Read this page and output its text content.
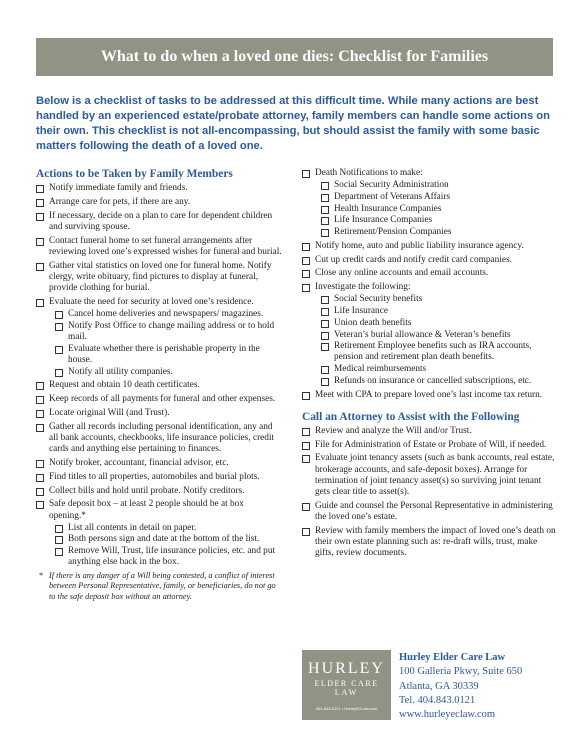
What to do when a loved one dies: Checklist for Families
Below is a checklist of tasks to be addressed at this difficult time. While many actions are best handled by an experienced estate/probate attorney, family members can handle some actions on their own. This checklist is not all-encompassing, but should assist the family with some basic matters following the death of a loved one.
Actions to be Taken by Family Members
Notify immediate family and friends.
Arrange care for pets, if there are any.
If necessary, decide on a plan to care for dependent children and surviving spouse.
Contact funeral home to set funeral arrangements after reviewing loved one’s expressed wishes for funeral and burial.
Gather vital statistics on loved one for funeral home. Notify clergy, write obituary, find pictures to display at funeral, provide clothing for burial.
Evaluate the need for security at loved one’s residence.
Cancel home deliveries and newspapers/ magazines.
Notify Post Office to change mailing address or to hold mail.
Evaluate whether there is perishable property in the house.
Notify all utility companies.
Request and obtain 10 death certificates.
Keep records of all payments for funeral and other expenses.
Locate original Will (and Trust).
Gather all records including personal identification, any and all bank accounts, checkbooks, life insurance policies, credit cards and anything else pertaining to finances.
Notify broker, accountant, financial advisor, etc.
Find titles to all properties, automobiles and burial plots.
Collect bills and hold until probate. Notify creditors.
Safe deposit box – at least 2 people should be at box opening.*
List all contents in detail on paper.
Both persons sign and date at the bottom of the list.
Remove Will, Trust, life insurance policies, etc. and put anything else back in the box.
* If there is any danger of a Will being contested, a conflict of interest between Personal Representative, family, or beneficiaries, do not go to the safe deposit box without an attorney.
Death Notifications to make:
Social Security Administration
Department of Veterans Affairs
Health Insurance Companies
Life Insurance Companies
Retirement/Pension Companies
Notify home, auto and public liability insurance agency.
Cut up credit cards and notify credit card companies.
Close any online accounts and email accounts.
Investigate the following:
Social Security benefits
Life Insurance
Union death benefits
Veteran’s burial allowance & Veteran’s benefits
Retirement Employee benefits such as IRA accounts, pension and retirement plan death benefits.
Medical reimbursements
Refunds on insurance or cancelled subscriptions, etc.
Meet with CPA to prepare loved one’s last income tax return.
Call an Attorney to Assist with the Following
Review and analyze the Will and/or Trust.
File for Administration of Estate or Probate of Will, if needed.
Evaluate joint tenancy assets (such as bank accounts, real estate, brokerage accounts, and safe-deposit boxes). Arrange for termination of joint tenancy asset(s) so surviving joint tenant gets clear title to asset(s).
Guide and counsel the Personal Representative in administering the loved one’s estate.
Review with family members the impact of loved one’s death on their own estate planning such as: re-draft wills, trust, make gifts, review documents.
HURLEY
ELDER CARE
LAW
404-843-0121 • HurleyECLaw.com
Hurley Elder Care Law
100 Galleria Pkwy, Suite 650
Atlanta, GA 30339
Tel. 404.843.0121
www.hurleyeclaw.com
